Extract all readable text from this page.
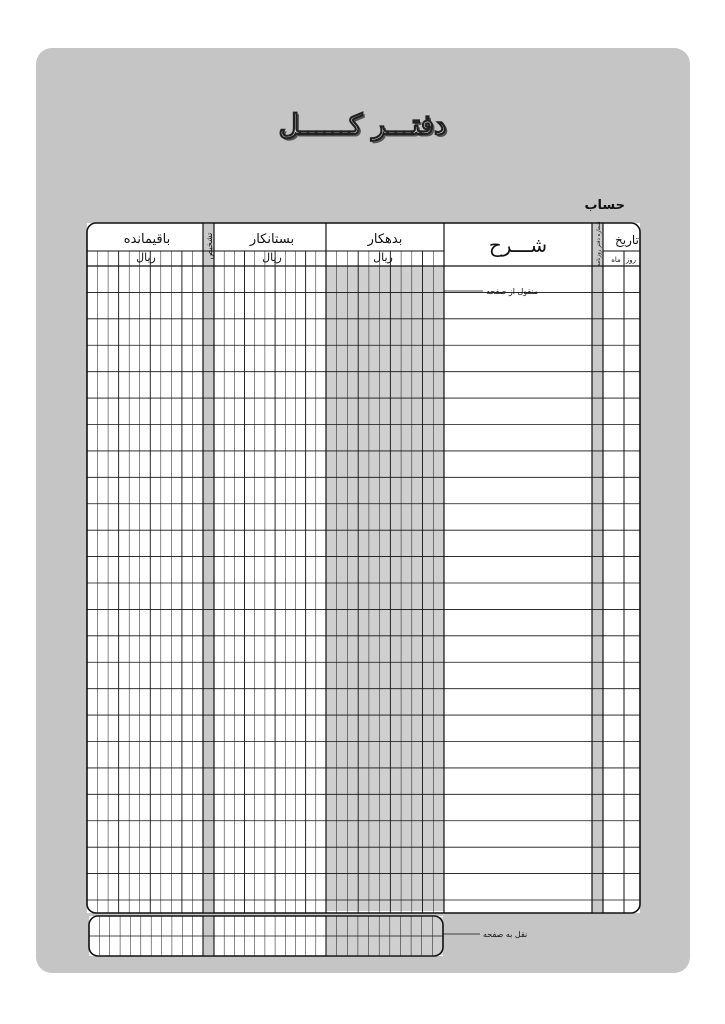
دفتـــر کــــــل
حساب
تاریخ
روز
ماه
شماره دفتر روزنامه
شـــرح
بدهکار
ریال
بستانکار
ریال
تشخیص
باقیمانده
ریال
منقول از صفحه
نقل به صفحه
